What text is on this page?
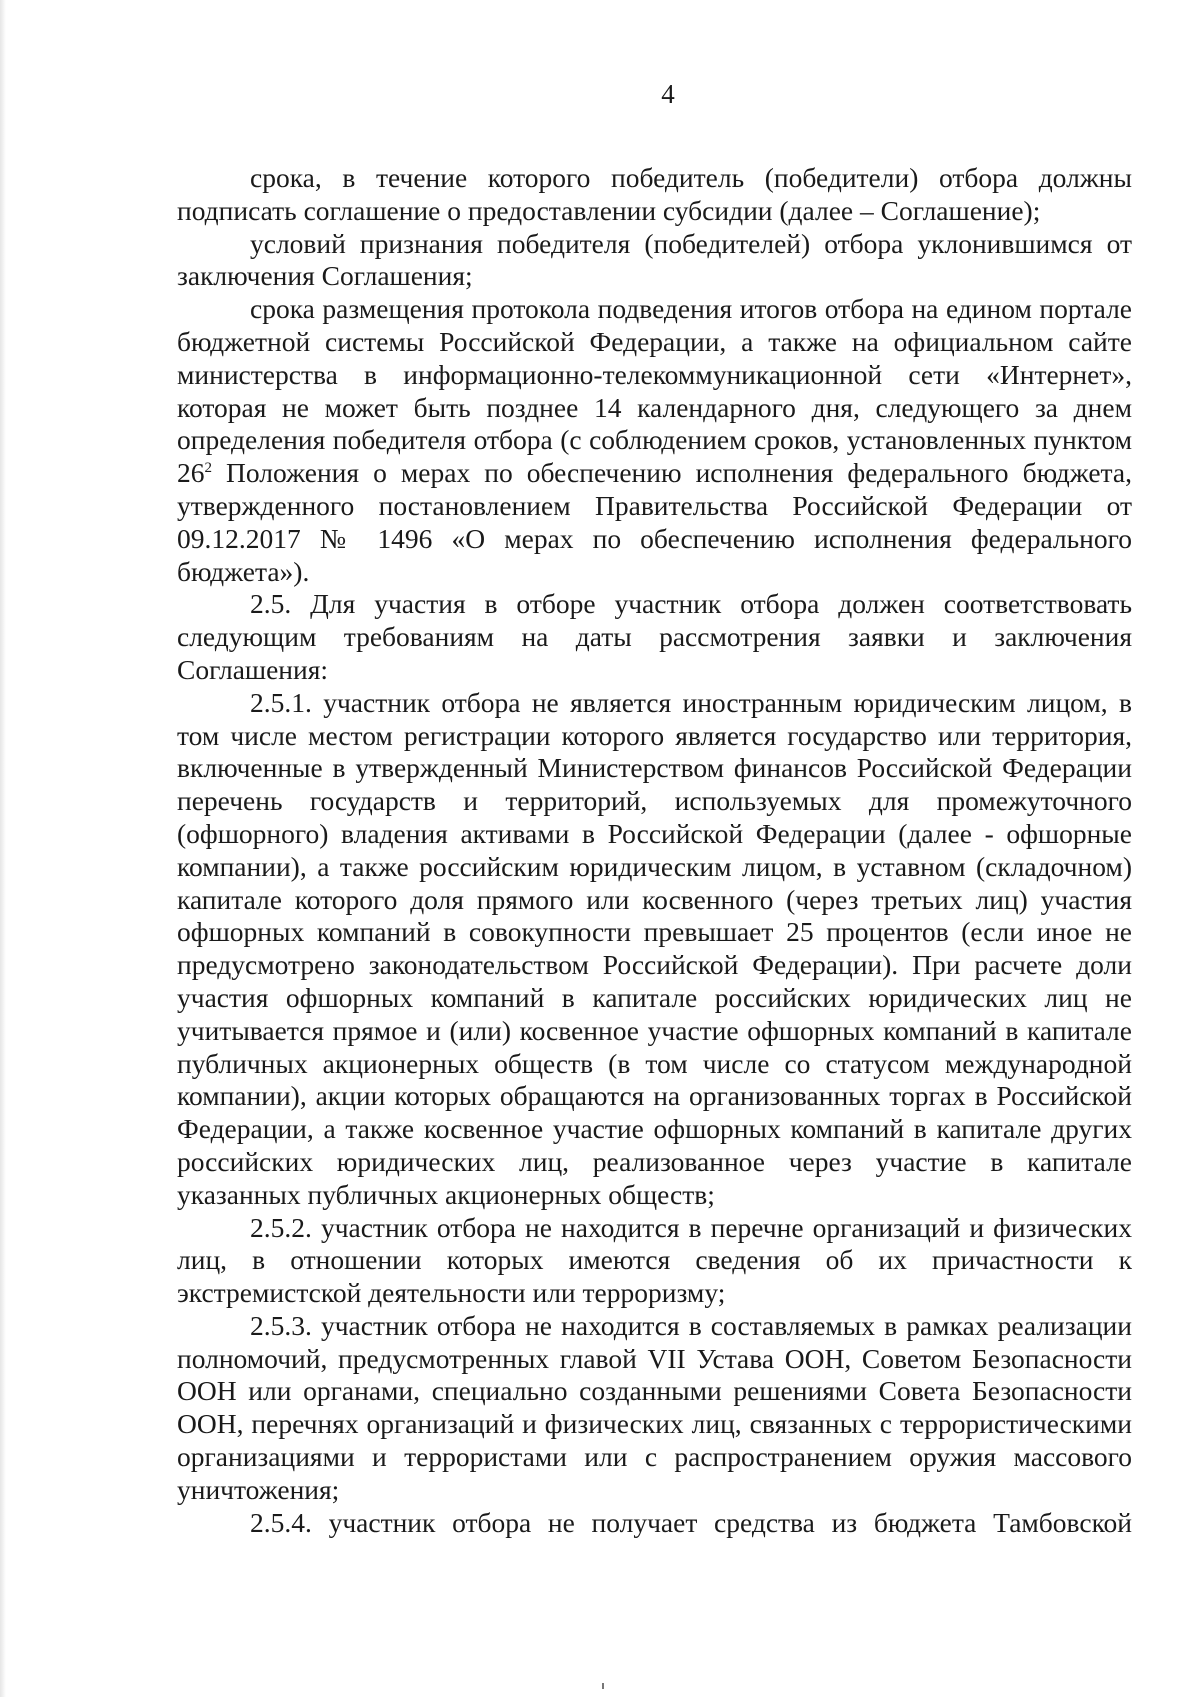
4

срока, в течение которого победитель (победители) отбора должны подписать соглашение о предоставлении субсидии (далее – Соглашение);

условий признания победителя (победителей) отбора уклонившимся от заключения Соглашения;

срока размещения протокола подведения итогов отбора на едином портале бюджетной системы Российской Федерации, а также на официальном сайте министерства в информационно-телекоммуникационной сети «Интернет», которая не может быть позднее 14 календарного дня, следующего за днем определения победителя отбора (с соблюдением сроков, установленных пунктом $26^2$ Положения о мерах по обеспечению исполнения федерального бюджета, утвержденного постановлением Правительства Российской Федерации от 09.12.2017 № 1496 «О мерах по обеспечению исполнения федерального бюджета»).

2.5. Для участия в отборе участник отбора должен соответствовать следующим требованиям на даты рассмотрения заявки и заключения Соглашения:

2.5.1. участник отбора не является иностранным юридическим лицом, в том числе местом регистрации которого является государство или территория, включенные в утвержденный Министерством финансов Российской Федерации перечень государств и территорий, используемых для промежуточного (офшорного) владения активами в Российской Федерации (далее - офшорные компании), а также российским юридическим лицом, в уставном (складочном) капитале которого доля прямого или косвенного (через третьих лиц) участия офшорных компаний в совокупности превышает 25 процентов (если иное не предусмотрено законодательством Российской Федерации). При расчете доли участия офшорных компаний в капитале российских юридических лиц не учитывается прямое и (или) косвенное участие офшорных компаний в капитале публичных акционерных обществ (в том числе со статусом международной компании), акции которых обращаются на организованных торгах в Российской Федерации, а также косвенное участие офшорных компаний в капитале других российских юридических лиц, реализованное через участие в капитале указанных публичных акционерных обществ;

2.5.2. участник отбора не находится в перечне организаций и физических лиц, в отношении которых имеются сведения об их причастности к экстремистской деятельности или терроризму;

2.5.3. участник отбора не находится в составляемых в рамках реализации полномочий, предусмотренных главой VII Устава ООН, Советом Безопасности ООН или органами, специально созданными решениями Совета Безопасности ООН, перечнях организаций и физических лиц, связанных с террористическими организациями и террористами или с распространением оружия массового уничтожения;

2.5.4. участник отбора не получает средства из бюджета Тамбовской
